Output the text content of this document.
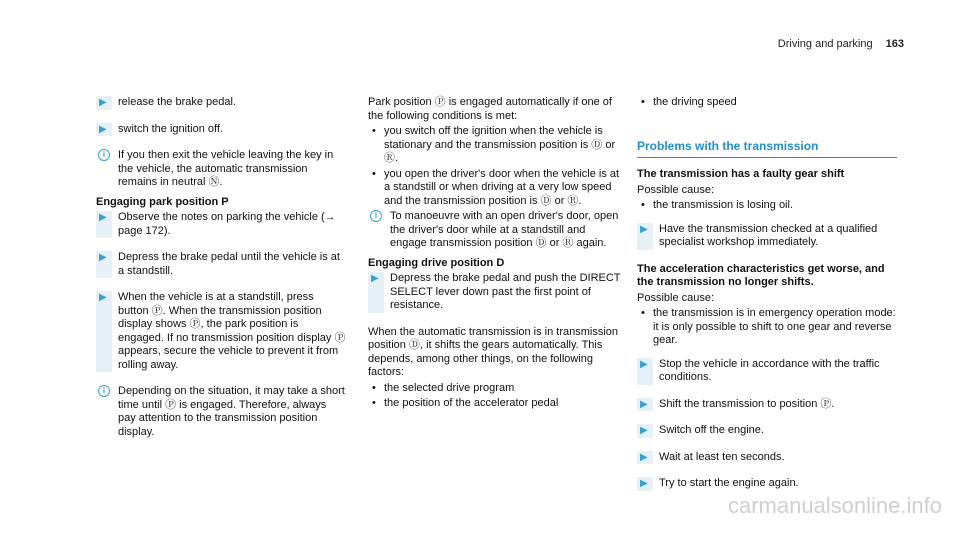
Driving and parking 163
▶ release the brake pedal.
▶ switch the ignition off.
i	If you then exit the vehicle leaving the key in the vehicle, the automatic transmission remains in neutral Ⓝ.
Engaging park position P
▶ Observe the notes on parking the vehicle (→ page 172).
▶ Depress the brake pedal until the vehicle is at a standstill.
▶ When the vehicle is at a standstill, press button Ⓟ. When the transmission position display shows Ⓟ, the park position is engaged. If no transmission position display Ⓟ appears, secure the vehicle to prevent it from rolling away.
i	Depending on the situation, it may take a short time until Ⓟ is engaged. Therefore, always pay attention to the transmission position display.
Park position Ⓟ is engaged automatically if one of the following conditions is met:
• you switch off the ignition when the vehicle is stationary and the transmission position is Ⓓ or Ⓡ.
• you open the driver's door when the vehicle is at a standstill or when driving at a very low speed and the transmission position is Ⓓ or Ⓡ.
i	To manoeuvre with an open driver's door, open the driver's door while at a standstill and engage transmission position Ⓓ or Ⓡ again.
Engaging drive position D
▶ Depress the brake pedal and push the DIRECT SELECT lever down past the first point of resistance.
When the automatic transmission is in transmission position Ⓓ, it shifts the gears automatically. This depends, among other things, on the following factors:
• the selected drive program
• the position of the accelerator pedal
• the driving speed
Problems with the transmission
The transmission has a faulty gear shift
Possible cause:
• the transmission is losing oil.
▶ Have the transmission checked at a qualified specialist workshop immediately.
The acceleration characteristics get worse, and the transmission no longer shifts.
Possible cause:
• the transmission is in emergency operation mode: it is only possible to shift to one gear and reverse gear.
▶ Stop the vehicle in accordance with the traffic conditions.
▶ Shift the transmission to position Ⓟ.
▶ Switch off the engine.
▶ Wait at least ten seconds.
▶ Try to start the engine again.
carmanualsonline.info
